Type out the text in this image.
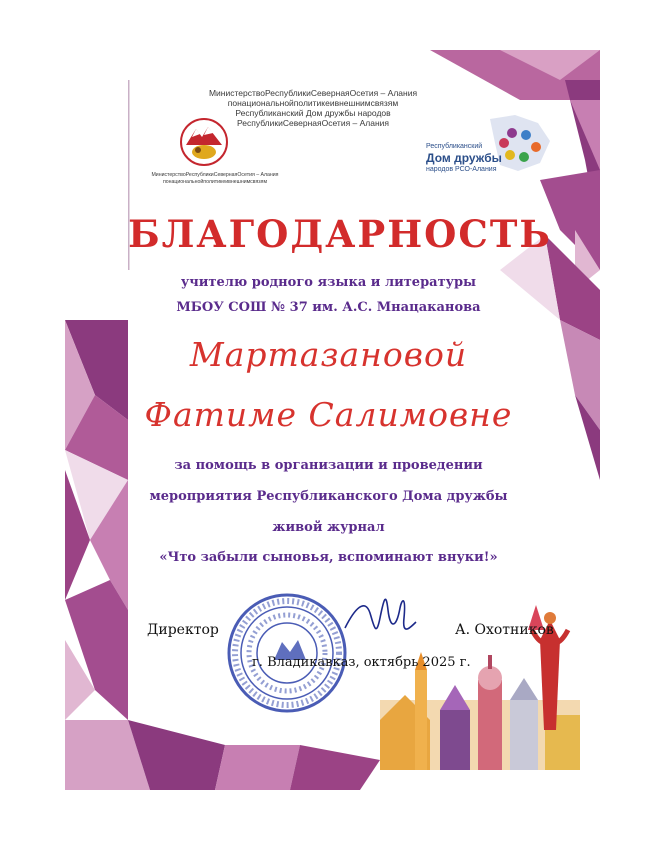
МинистерствоРеспубликиСевернаяОсетия – Алания
понациональнойполитикеивнешнимсвязям
Республиканский Дом дружбы народов
РеспубликиСевернаяОсетия – Алания
МинистерствоРеспубликиСевернаяОсетия – Алания
понациональнойполитикеивнешнимсвязям
Республиканский
Дом дружбы
народов РСО-Алания
БЛАГОДАРНОСТЬ
учителю родного языка и литературы
МБОУ СОШ № 37 им. А.С. Мнацаканова
Мартазановой
Фатиме Салимовне
за помощь в организации и проведении
мероприятия Республиканского Дома дружбы
живой журнал
«Что забыли сыновья, вспоминают внуки!»
Директор	А. Охотников
г. Владикавказ, октябрь 2025 г.
